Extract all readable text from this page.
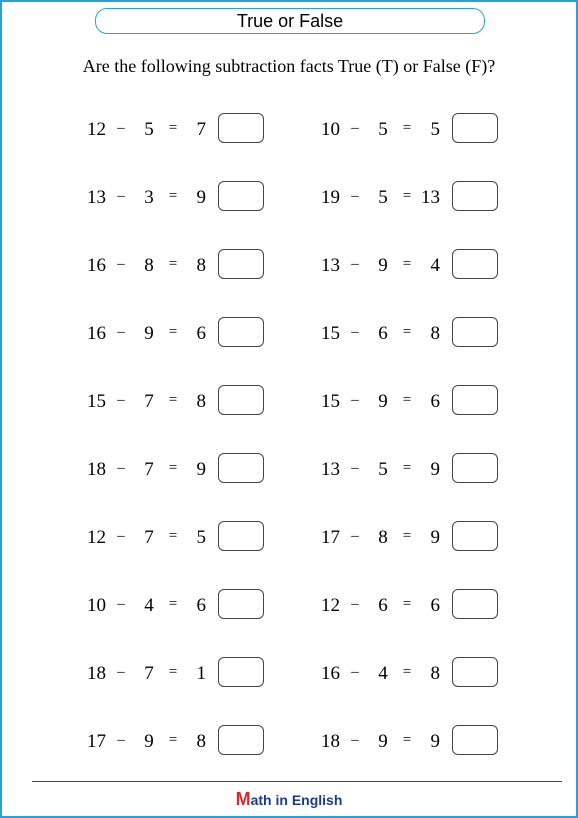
True or False
Are the following subtraction facts True (T) or False (F)?
12 – 5	=	7
13 – 3	=	9
16 – 8	=	8
16 – 9	=	6
15 – 7	=	8
18 – 7	=	9
12 – 7	=	5
10 – 4	=	6
18 – 7	=	1
17 – 9	=	8
10 – 5	=	5
19 – 5	= 13
13 – 9	=	4
15 – 6	=	8
15 – 9	=	6
13 – 5	=	9
17 – 8	=	9
12 – 6	=	6
16 – 4	=	8
18 – 9	=	9
Math in English
